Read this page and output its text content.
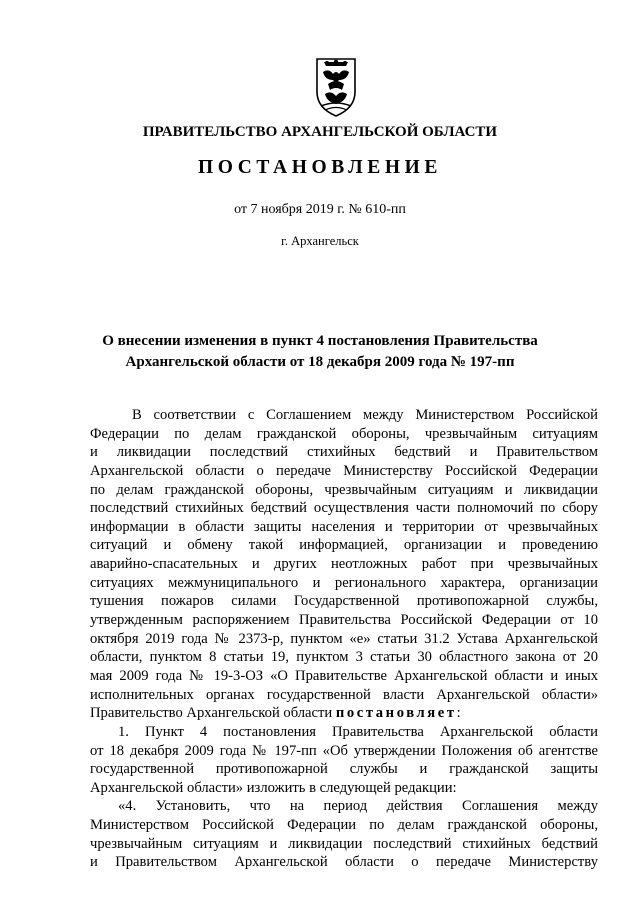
ПРАВИТЕЛЬСТВО АРХАНГЕЛЬСКОЙ ОБЛАСТИ
ПОСТАНОВЛЕНИЕ
от 7 ноября 2019 г. № 610-пп
г. Архангельск
О внесении изменения в пункт 4 постановления Правительства
Архангельской области от 18 декабря 2009 года № 197-пп
В соответствии с Соглашением между Министерством Российской
Федерации по делам гражданской обороны, чрезвычайным ситуациям
и ликвидации последствий стихийных бедствий и Правительством
Архангельской области о передаче Министерству Российской Федерации
по делам гражданской обороны, чрезвычайным ситуациям и ликвидации
последствий стихийных бедствий осуществления части полномочий по сбору
информации в области защиты населения и территории от чрезвычайных
ситуаций и обмену такой информацией, организации и проведению
аварийно-спасательных и других неотложных работ при чрезвычайных
ситуациях межмуниципального и регионального характера, организации
тушения пожаров силами Государственной противопожарной службы,
утвержденным распоряжением Правительства Российской Федерации от 10
октября 2019 года № 2373-р, пунктом «е» статьи 31.2 Устава Архангельской
области, пунктом 8 статьи 19, пунктом 3 статьи 30 областного закона от 20
мая 2009 года № 19-3-ОЗ «О Правительстве Архангельской области и иных
исполнительных органах государственной власти Архангельской области»
Правительство Архангельской области постановляет:
1. Пункт 4 постановления Правительства Архангельской области
от 18 декабря 2009 года № 197-пп «Об утверждении Положения об агентстве
государственной противопожарной службы и гражданской защиты
Архангельской области» изложить в следующей редакции:
«4. Установить, что на период действия Соглашения между
Министерством Российской Федерации по делам гражданской обороны,
чрезвычайным ситуациям и ликвидации последствий стихийных бедствий
и Правительством Архангельской области о передаче Министерству
